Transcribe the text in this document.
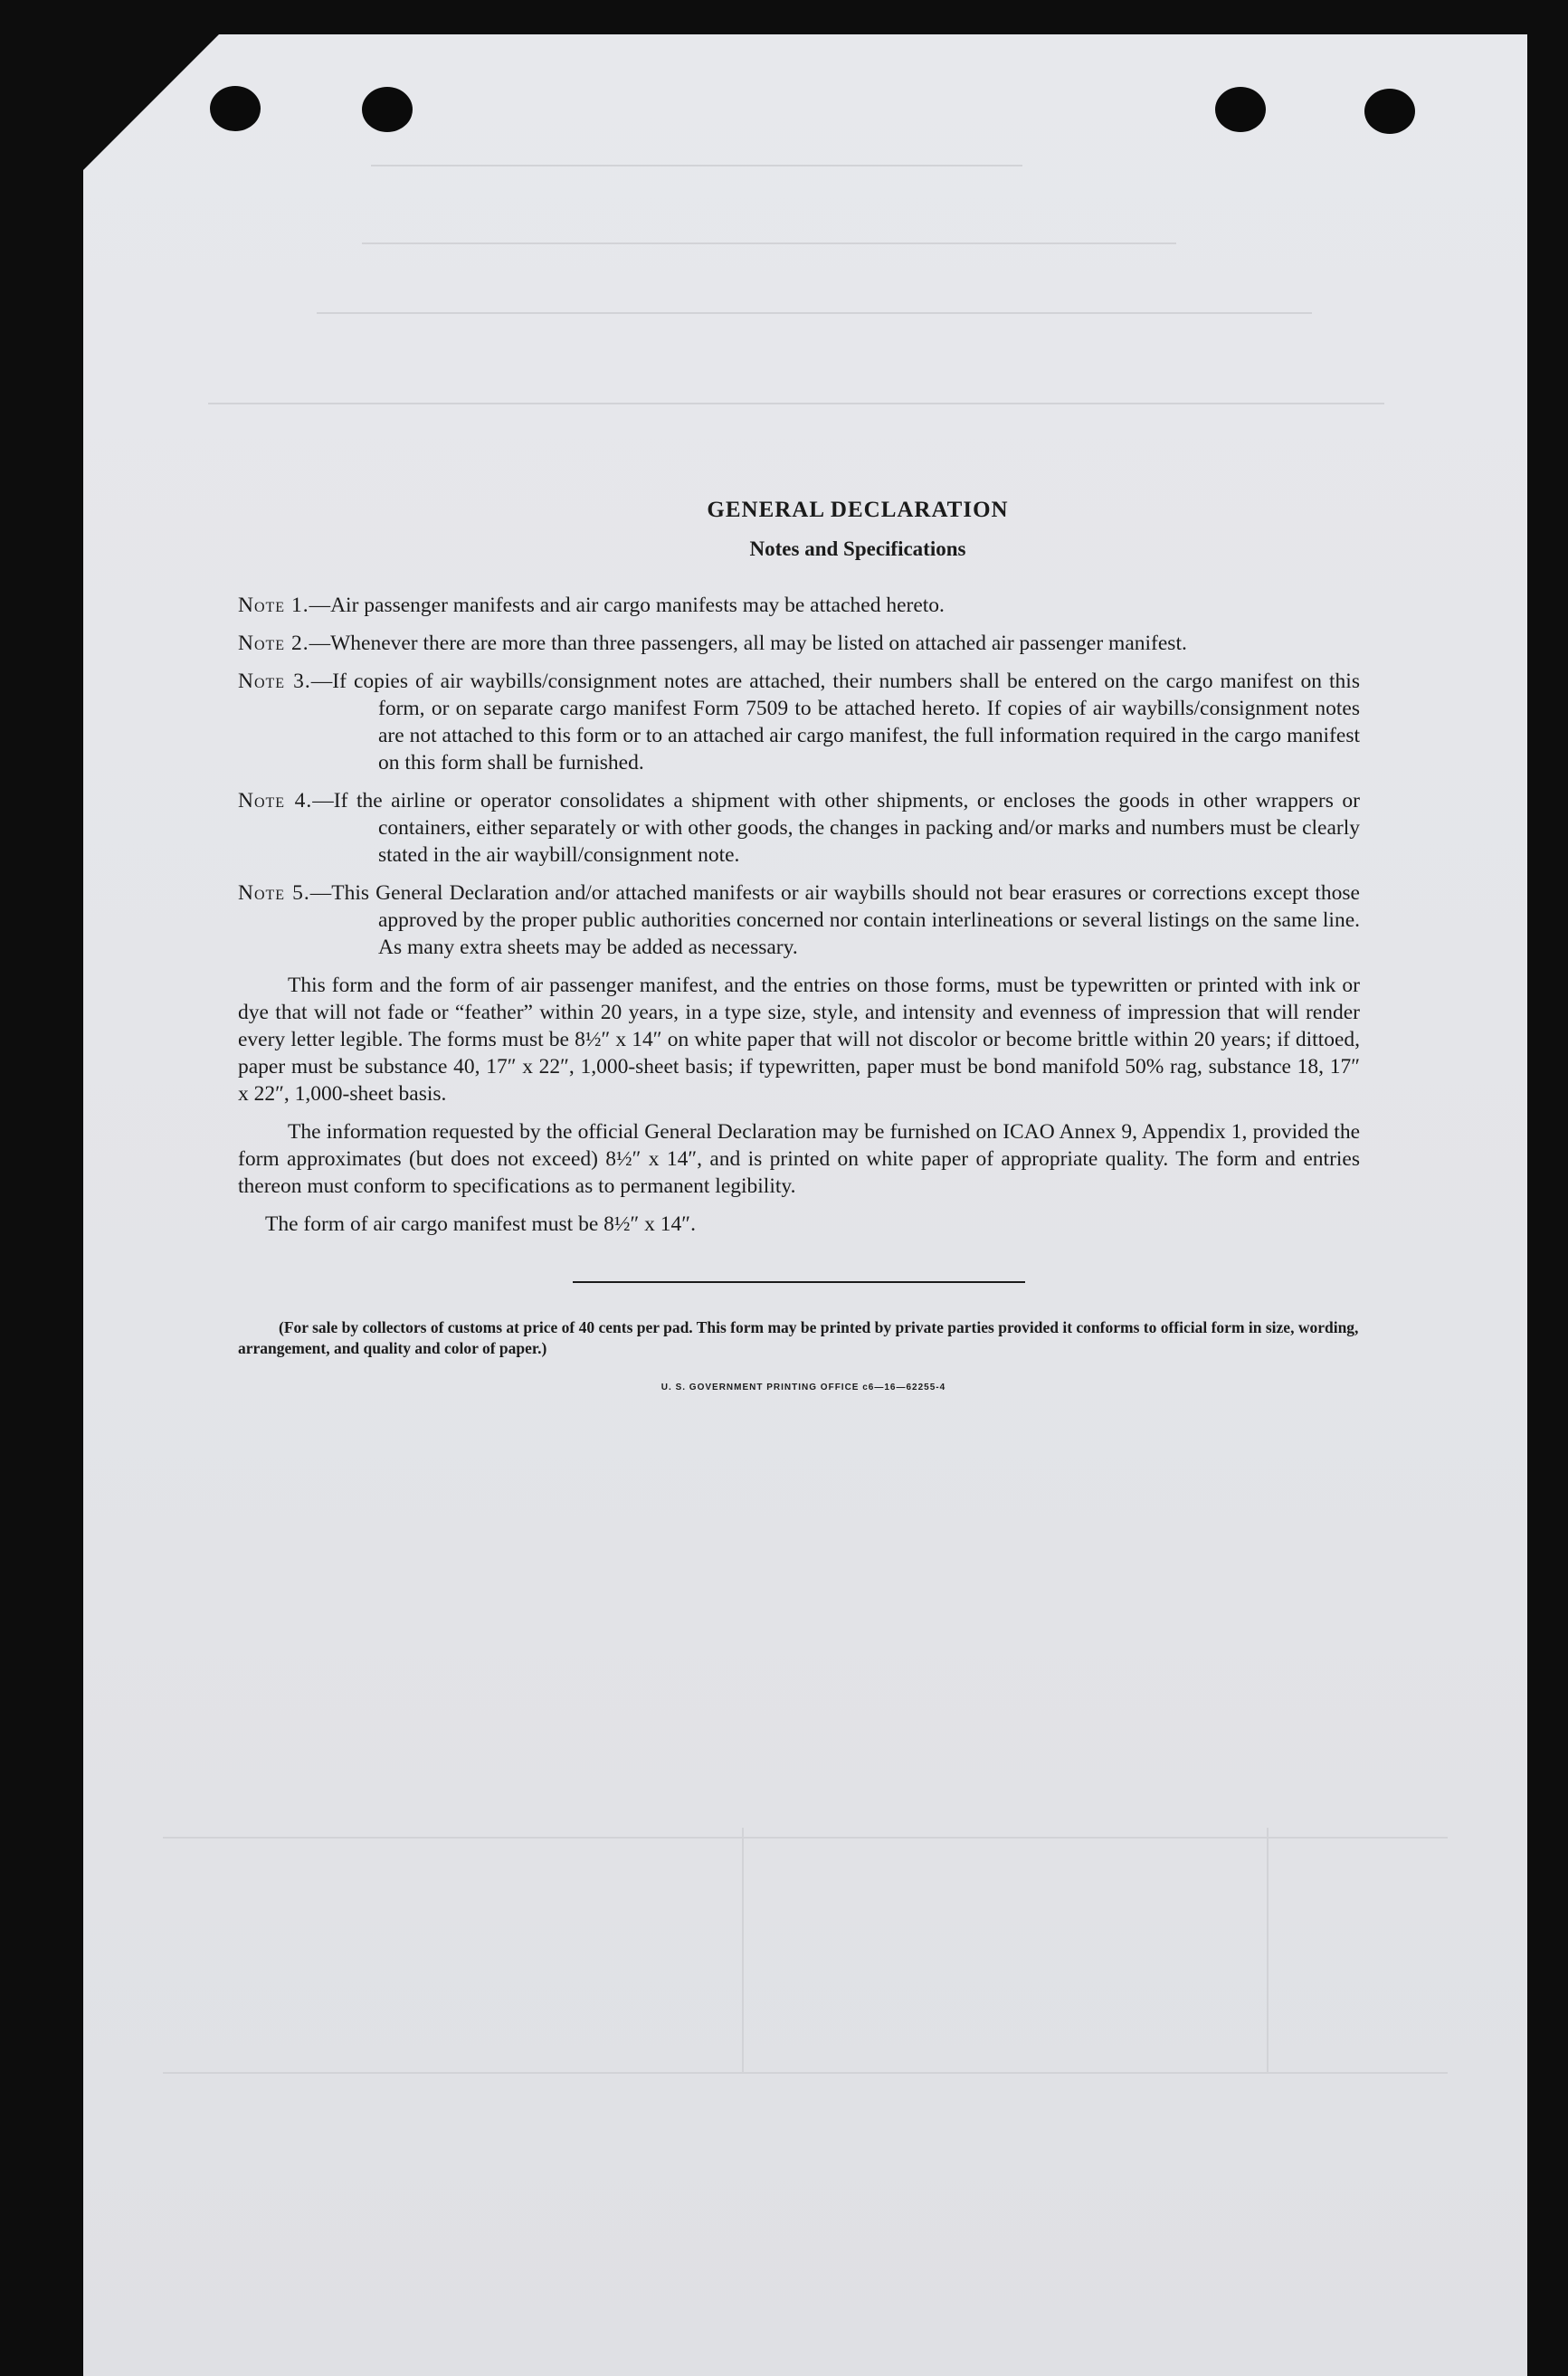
GENERAL DECLARATION
Notes and Specifications
Note 1.—Air passenger manifests and air cargo manifests may be attached hereto.
Note 2.—Whenever there are more than three passengers, all may be listed on attached air passenger manifest.
Note 3.—If copies of air waybills/consignment notes are attached, their numbers shall be entered on the cargo manifest on this form, or on separate cargo manifest Form 7509 to be attached hereto. If copies of air waybills/consignment notes are not attached to this form or to an attached air cargo manifest, the full information required in the cargo manifest on this form shall be furnished.
Note 4.—If the airline or operator consolidates a shipment with other shipments, or encloses the goods in other wrappers or containers, either separately or with other goods, the changes in packing and/or marks and numbers must be clearly stated in the air waybill/consignment note.
Note 5.—This General Declaration and/or attached manifests or air waybills should not bear erasures or corrections except those approved by the proper public authorities concerned nor contain interlineations or several listings on the same line. As many extra sheets may be added as necessary.

This form and the form of air passenger manifest, and the entries on those forms, must be typewritten or printed with ink or dye that will not fade or “feather” within 20 years, in a type size, style, and intensity and evenness of impression that will render every letter legible. The forms must be 8½″ x 14″ on white paper that will not discolor or become brittle within 20 years; if dittoed, paper must be substance 40, 17″ x 22″, 1,000-sheet basis; if typewritten, paper must be bond manifold 50% rag, substance 18, 17″ x 22″, 1,000-sheet basis.

The information requested by the official General Declaration may be furnished on ICAO Annex 9, Appendix 1, provided the form approximates (but does not exceed) 8½″ x 14″, and is printed on white paper of appropriate quality. The form and entries thereon must conform to specifications as to permanent legibility.

The form of air cargo manifest must be 8½″ x 14″.

(For sale by collectors of customs at price of 40 cents per pad. This form may be printed by private parties provided it conforms to official form in size, wording, arrangement, and quality and color of paper.)
U. S. GOVERNMENT PRINTING OFFICE c6—16—62255-4
